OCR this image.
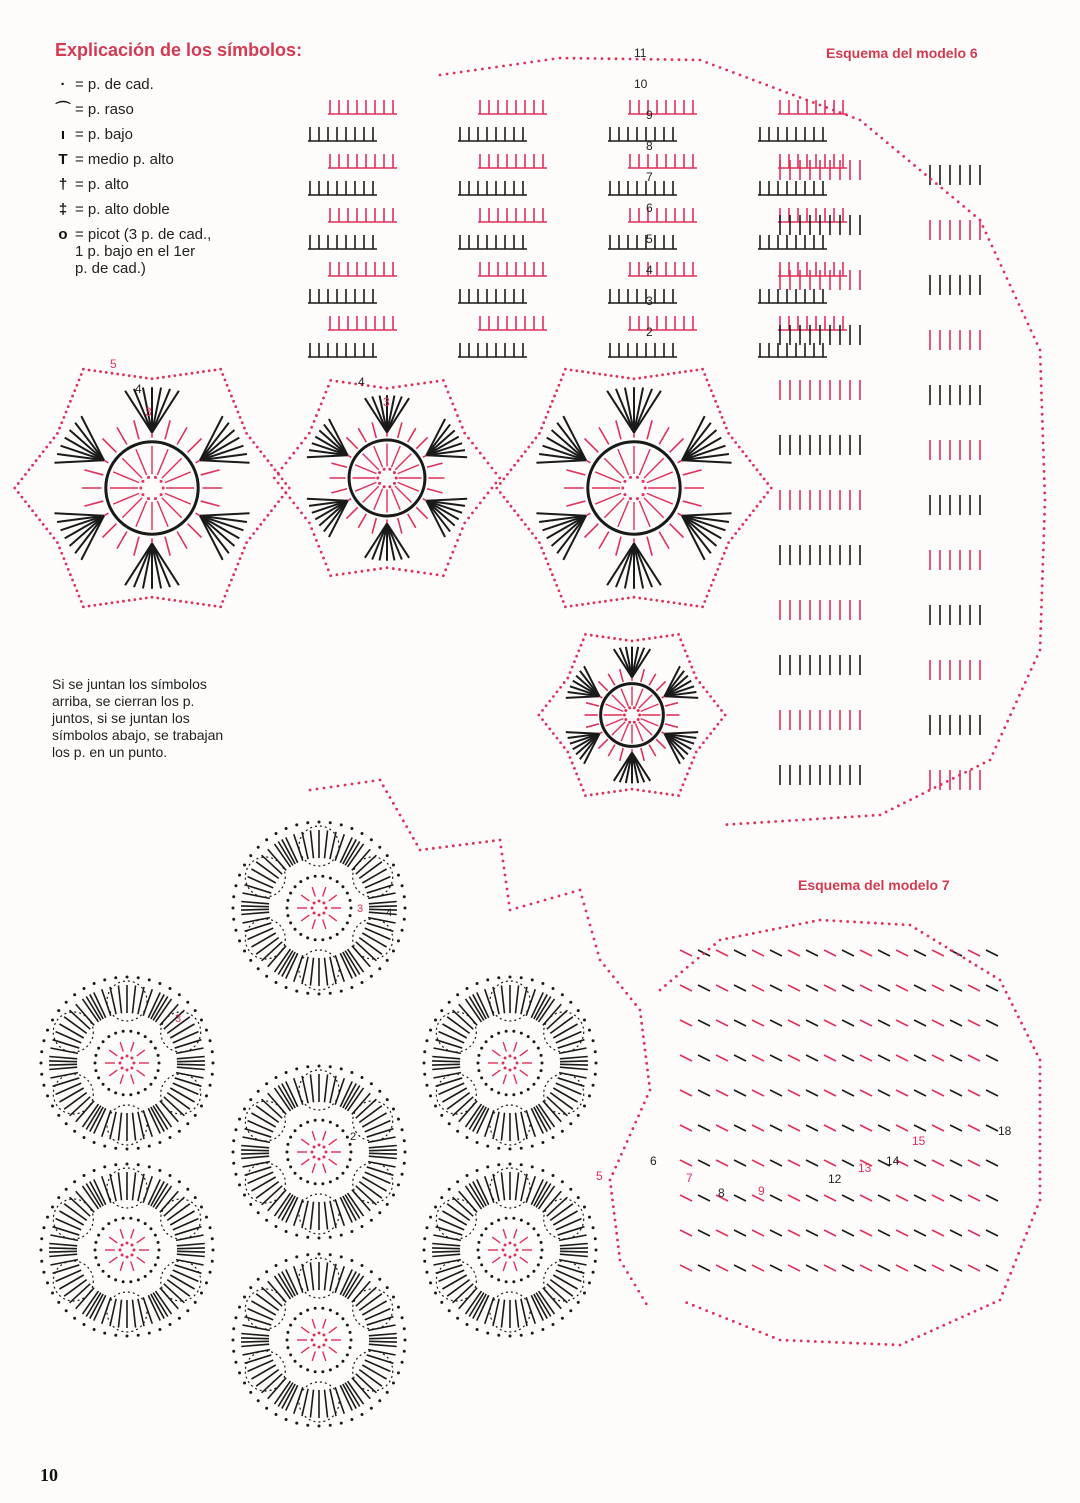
Explicación de los símbolos:
· = p. de cad.
⌒ = p. raso
ı = p. bajo
T = medio p. alto
† = p. alto
‡ = p. alto doble
o = picot (3 p. de cad.,
1 p. bajo en el 1er
p. de cad.)
Esquema del modelo 6
Esquema del modelo 7
Si se juntan los símbolos
arriba, se cierran los p.
juntos, si se juntan los
símbolos abajo, se trabajan
los p. en un punto.
10
11
10
9
8
7
6
5
4
3
2
5
4
3
4
3
5
6
7
8	9
12
13 14
15
18
3 4
3
2
